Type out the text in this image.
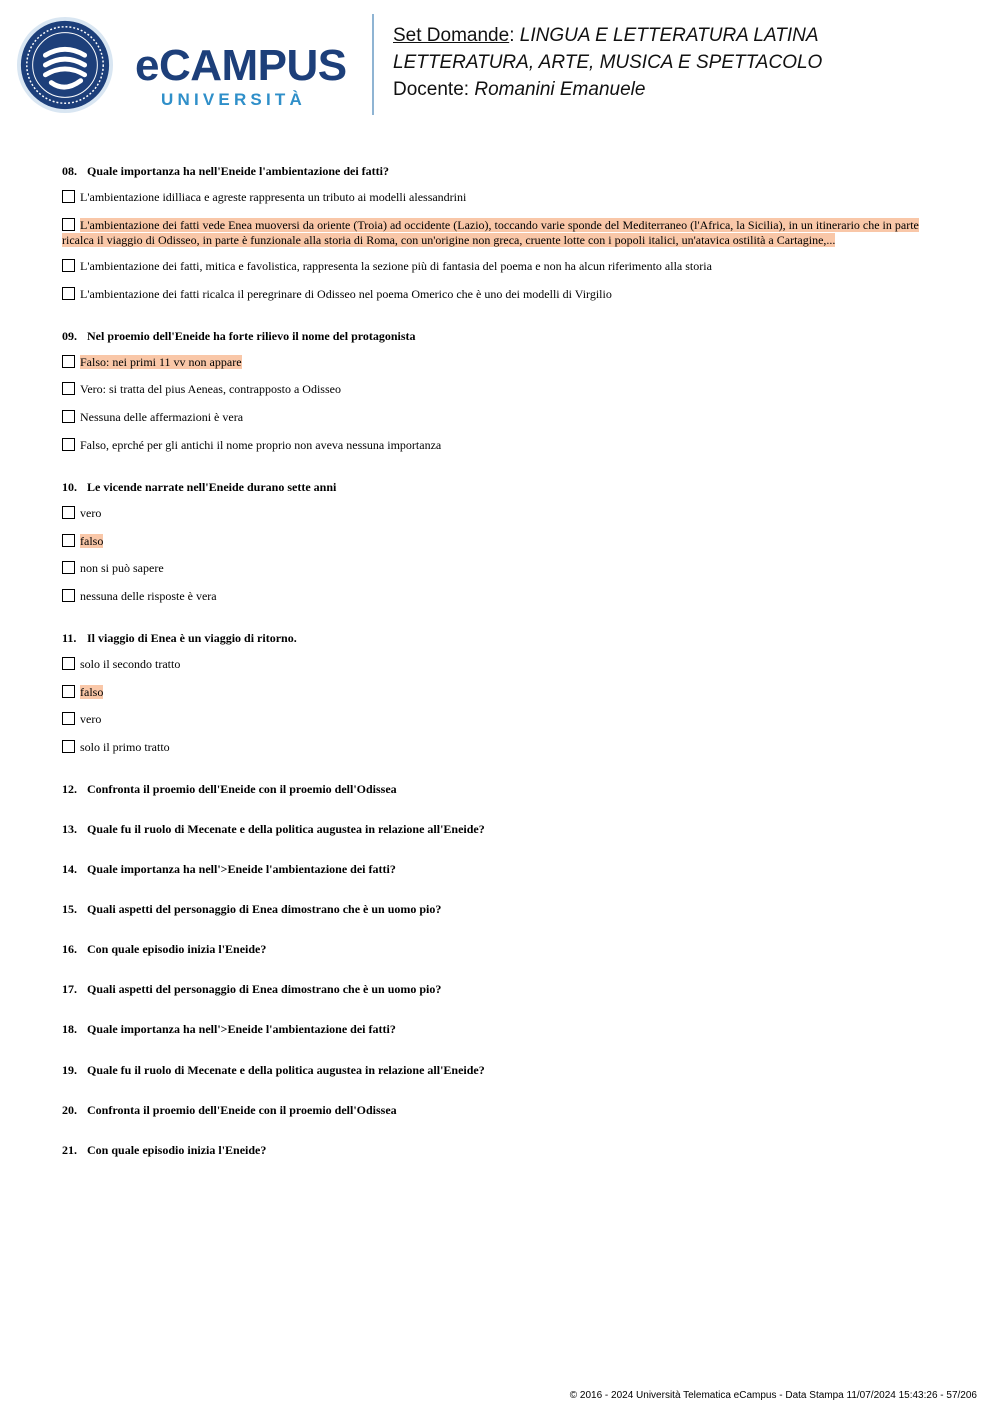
eCAMPUS
UNIVERSITÀ
Set Domande: LINGUA E LETTERATURA LATINA
LETTERATURA, ARTE, MUSICA E SPETTACOLO
Docente: Romanini Emanuele
08. Quale importanza ha nell'Eneide l'ambientazione dei fatti?
L'ambientazione idilliaca e agreste rappresenta un tributo ai modelli alessandrini
L'ambientazione dei fatti vede Enea muoversi da oriente (Troia) ad occidente (Lazio), toccando varie sponde del Mediterraneo (l'Africa, la Sicilia), in un itinerario che in parte ricalca il viaggio di Odisseo, in parte è funzionale alla storia di Roma, con un'origine non greca, cruente lotte con i popoli italici, un'atavica ostilità a Cartagine,...
L'ambientazione dei fatti, mitica e favolistica, rappresenta la sezione più di fantasia del poema e non ha alcun riferimento alla storia
L'ambientazione dei fatti ricalca il peregrinare di Odisseo nel poema Omerico che è uno dei modelli di Virgilio
09. Nel proemio dell'Eneide ha forte rilievo il nome del protagonista
Falso: nei primi 11 vv non appare
Vero: si tratta del pius Aeneas, contrapposto a Odisseo
Nessuna delle affermazioni è vera
Falso, eprché per gli antichi il nome proprio non aveva nessuna importanza
10. Le vicende narrate nell'Eneide durano sette anni
vero
falso
non si può sapere
nessuna delle risposte è vera
11. Il viaggio di Enea è un viaggio di ritorno.
solo il secondo tratto
falso
vero
solo il primo tratto
12. Confronta il proemio dell'Eneide con il proemio dell'Odissea
13. Quale fu il ruolo di Mecenate e della politica augustea in relazione all'Eneide?
14. Quale importanza ha nell'>Eneide l'ambientazione dei fatti?
15. Quali aspetti del personaggio di Enea dimostrano che è un uomo pio?
16. Con quale episodio inizia l'Eneide?
17. Quali aspetti del personaggio di Enea dimostrano che è un uomo pio?
18. Quale importanza ha nell'>Eneide l'ambientazione dei fatti?
19. Quale fu il ruolo di Mecenate e della politica augustea in relazione all'Eneide?
20. Confronta il proemio dell'Eneide con il proemio dell'Odissea
21. Con quale episodio inizia l'Eneide?
© 2016 - 2024 Università Telematica eCampus - Data Stampa 11/07/2024 15:43:26 - 57/206
